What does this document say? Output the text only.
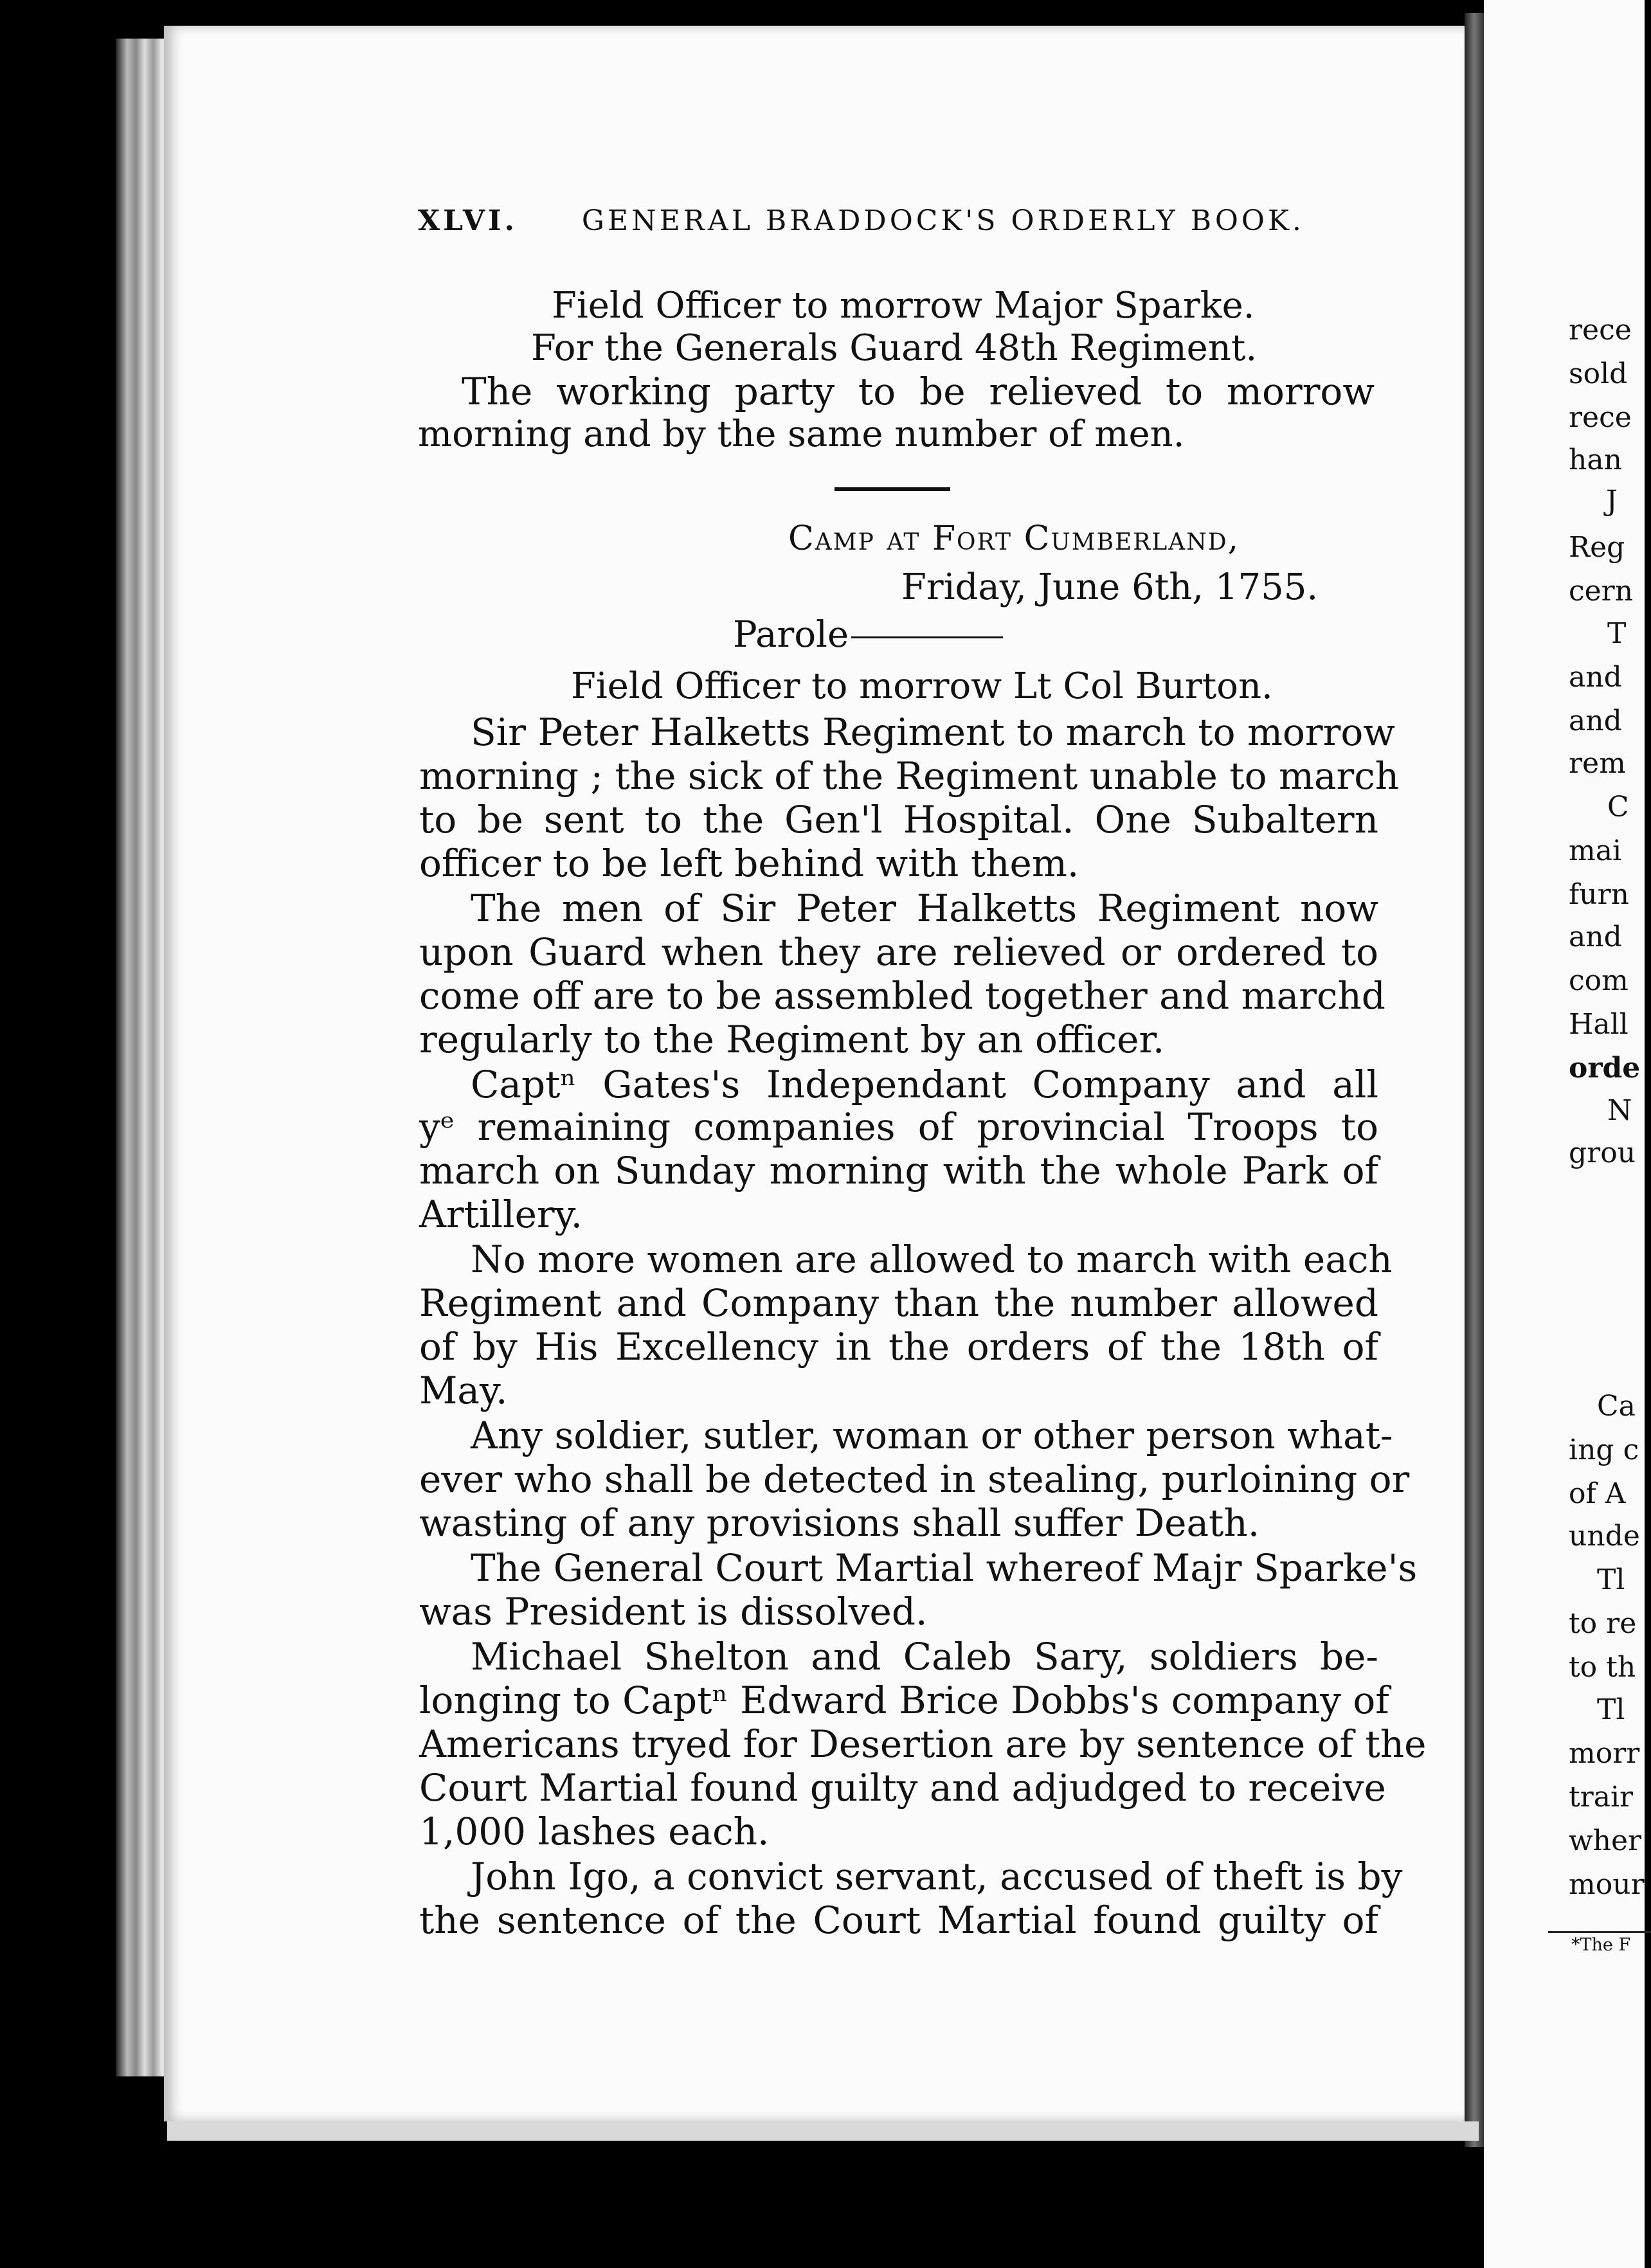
XLVI. GENERAL BRADDOCK'S ORDERLY BOOK.
Field Officer to morrow Major Sparke.
For the Generals Guard 48th Regiment.
The working party to be relieved to morrow
morning and by the same number of men.
Camp at Fort Cumberland,
Friday, June 6th, 1755.
Parole
Field Officer to morrow Lt Col Burton.
Sir Peter Halketts Regiment to march to morrow
morning ; the sick of the Regiment unable to march
to be sent to the Gen'l Hospital. One Subaltern
officer to be left behind with them.
The men of Sir Peter Halketts Regiment now
upon Guard when they are relieved or ordered to
come off are to be assembled together and marchd
regularly to the Regiment by an officer.
Captⁿ Gates's Independant Company and all
yᵉ remaining companies of provincial Troops to
march on Sunday morning with the whole Park of
Artillery.
No more women are allowed to march with each
Regiment and Company than the number allowed
of by His Excellency in the orders of the 18th of
May.
Any soldier, sutler, woman or other person what-
ever who shall be detected in stealing, purloining or
wasting of any provisions shall suffer Death.
The General Court Martial whereof Majr Sparke's
was President is dissolved.
Michael Shelton and Caleb Sary, soldiers be-
longing to Captⁿ Edward Brice Dobbs's company of
Americans tryed for Desertion are by sentence of the
Court Martial found guilty and adjudged to receive
1,000 lashes each.
John Igo, a convict servant, accused of theft is by
the sentence of the Court Martial found guilty of
rece
sold
rece
han
J
Reg
cern
T
and
and
rem
C
mai
furn
and
com
Hall
orde
N
grou
Ca
ing c
of A
unde
Tl
to re
to th
Tl
morr
trair
wher
mour
*The F
